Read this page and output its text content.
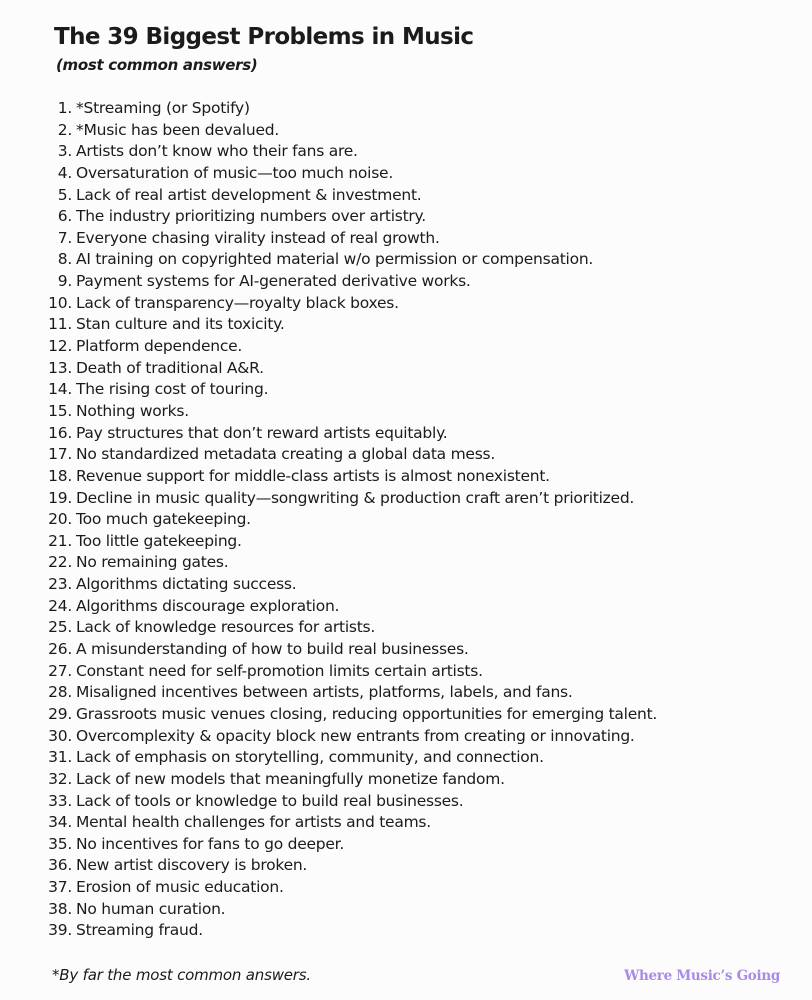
The 39 Biggest Problems in Music

(most common answers)

1. *Streaming (or Spotify)
2. *Music has been devalued.
3. Artists don’t know who their fans are.
4. Oversaturation of music—too much noise.
5. Lack of real artist development & investment.
6. The industry prioritizing numbers over artistry.
7. Everyone chasing virality instead of real growth.
8. AI training on copyrighted material w/o permission or compensation.
9. Payment systems for AI-generated derivative works.
10. Lack of transparency—royalty black boxes.
11. Stan culture and its toxicity.
12. Platform dependence.
13. Death of traditional A&R.
14. The rising cost of touring.
15. Nothing works.
16. Pay structures that don’t reward artists equitably.
17. No standardized metadata creating a global data mess.
18. Revenue support for middle-class artists is almost nonexistent.
19. Decline in music quality—songwriting & production craft aren’t prioritized.
20. Too much gatekeeping.
21. Too little gatekeeping.
22. No remaining gates.
23. Algorithms dictating success.
24. Algorithms discourage exploration.
25. Lack of knowledge resources for artists.
26. A misunderstanding of how to build real businesses.
27. Constant need for self-promotion limits certain artists.
28. Misaligned incentives between artists, platforms, labels, and fans.
29. Grassroots music venues closing, reducing opportunities for emerging talent.
30. Overcomplexity & opacity block new entrants from creating or innovating.
31. Lack of emphasis on storytelling, community, and connection.
32. Lack of new models that meaningfully monetize fandom.
33. Lack of tools or knowledge to build real businesses.
34. Mental health challenges for artists and teams.
35. No incentives for fans to go deeper.
36. New artist discovery is broken.
37. Erosion of music education.
38. No human curation.
39. Streaming fraud.

*By far the most common answers.	Where Music’s Going
